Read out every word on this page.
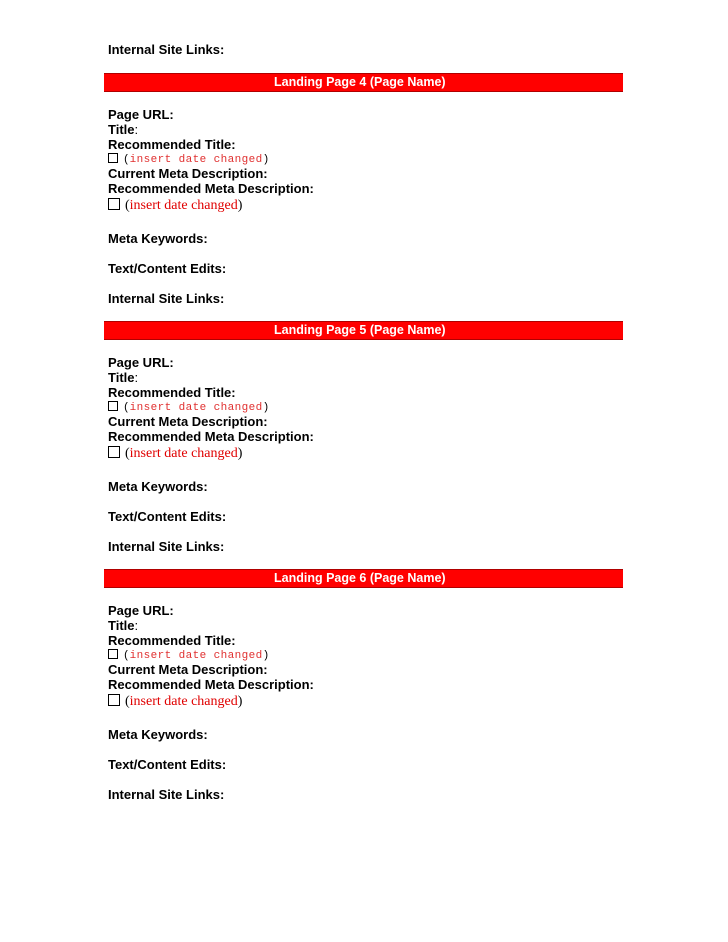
Internal Site Links:
Landing Page 4 (Page Name)
Page URL:
Title:
Recommended Title:
(insert date changed)
Current Meta Description:
Recommended Meta Description:
(insert date changed)
Meta Keywords:
Text/Content Edits:
Internal Site Links:
Landing Page 5 (Page Name)
Page URL:
Title:
Recommended Title:
(insert date changed)
Current Meta Description:
Recommended Meta Description:
(insert date changed)
Meta Keywords:
Text/Content Edits:
Internal Site Links:
Landing Page 6 (Page Name)
Page URL:
Title:
Recommended Title:
(insert date changed)
Current Meta Description:
Recommended Meta Description:
(insert date changed)
Meta Keywords:
Text/Content Edits:
Internal Site Links:
